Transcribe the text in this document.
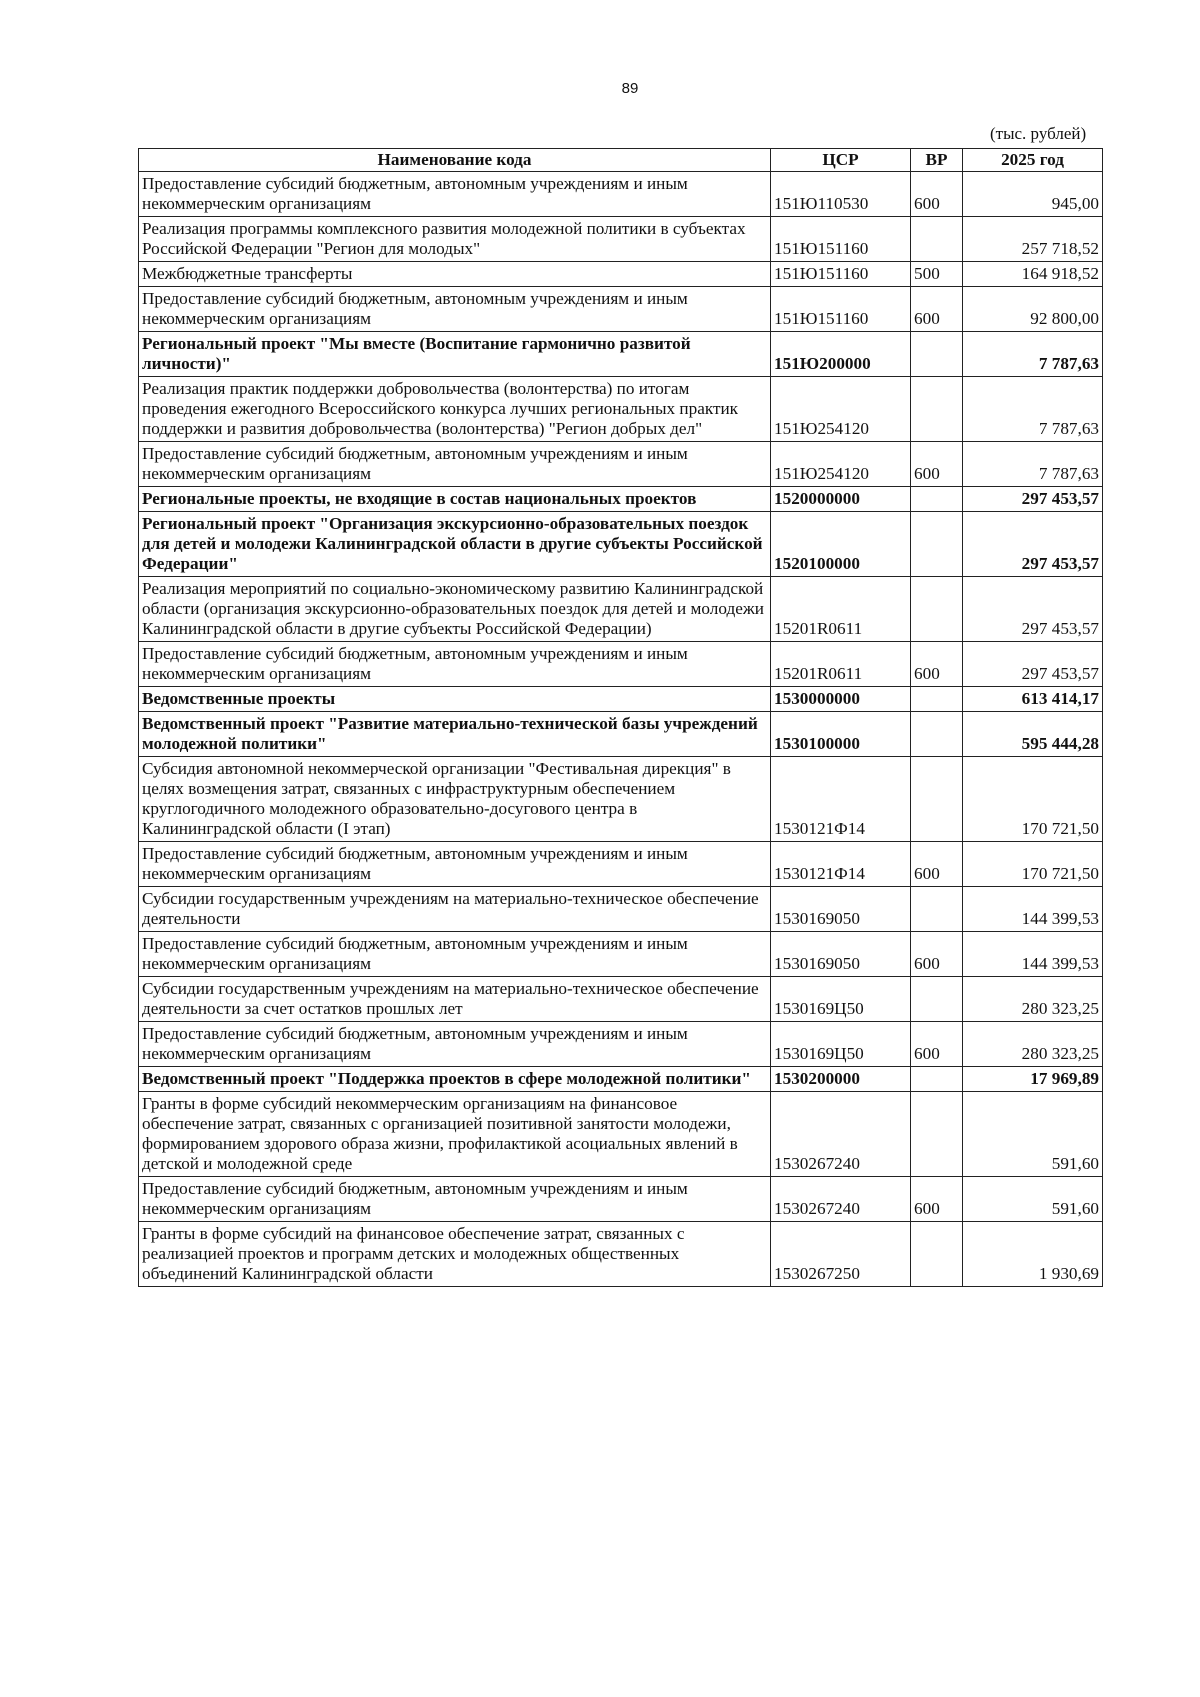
89
(тыс. рублей)
Наименование кода	ЦСР	ВР	2025 год
Предоставление субсидий бюджетным, автономным учреждениям и иным некоммерческим организациям	151Ю110530	600	945,00
Реализация программы комплексного развития молодежной политики в субъектах Российской Федерации "Регион для молодых"	151Ю151160		257 718,52
Межбюджетные трансферты	151Ю151160	500	164 918,52
Предоставление субсидий бюджетным, автономным учреждениям и иным некоммерческим организациям	151Ю151160	600	92 800,00
Региональный проект "Мы вместе (Воспитание гармонично развитой личности)"	151Ю200000		7 787,63
Реализация практик поддержки добровольчества (волонтерства) по итогам проведения ежегодного Всероссийского конкурса лучших региональных практик поддержки и развития добровольчества (волонтерства) "Регион добрых дел"	151Ю254120		7 787,63
Предоставление субсидий бюджетным, автономным учреждениям и иным некоммерческим организациям	151Ю254120	600	7 787,63
Региональные проекты, не входящие в состав национальных проектов	1520000000		297 453,57
Региональный проект "Организация экскурсионно-образовательных поездок для детей и молодежи Калининградской области в другие субъекты Российской Федерации"	1520100000		297 453,57
Реализация мероприятий по социально-экономическому развитию Калининградской области (организация экскурсионно-образовательных поездок для детей и молодежи Калининградской области в другие субъекты Российской Федерации)	15201R0611		297 453,57
Предоставление субсидий бюджетным, автономным учреждениям и иным некоммерческим организациям	15201R0611	600	297 453,57
Ведомственные проекты	1530000000		613 414,17
Ведомственный проект "Развитие материально-технической базы учреждений молодежной политики"	1530100000		595 444,28
Субсидия автономной некоммерческой организации "Фестивальная дирекция" в целях возмещения затрат, связанных с инфраструктурным обеспечением круглогодичного молодежного образовательно-досугового центра в Калининградской области (I этап)	1530121Ф14		170 721,50
Предоставление субсидий бюджетным, автономным учреждениям и иным некоммерческим организациям	1530121Ф14	600	170 721,50
Субсидии государственным учреждениям на материально-техническое обеспечение деятельности	1530169050		144 399,53
Предоставление субсидий бюджетным, автономным учреждениям и иным некоммерческим организациям	1530169050	600	144 399,53
Субсидии государственным учреждениям на материально-техническое обеспечение деятельности за счет остатков прошлых лет	1530169Ц50		280 323,25
Предоставление субсидий бюджетным, автономным учреждениям и иным некоммерческим организациям	1530169Ц50	600	280 323,25
Ведомственный проект "Поддержка проектов в сфере молодежной политики"	1530200000		17 969,89
Гранты в форме субсидий некоммерческим организациям на финансовое обеспечение затрат, связанных с организацией позитивной занятости молодежи, формированием здорового образа жизни, профилактикой асоциальных явлений в детской и молодежной среде	1530267240		591,60
Предоставление субсидий бюджетным, автономным учреждениям и иным некоммерческим организациям	1530267240	600	591,60
Гранты в форме субсидий на финансовое обеспечение затрат, связанных с реализацией проектов и программ детских и молодежных общественных объединений Калининградской области	1530267250		1 930,69
